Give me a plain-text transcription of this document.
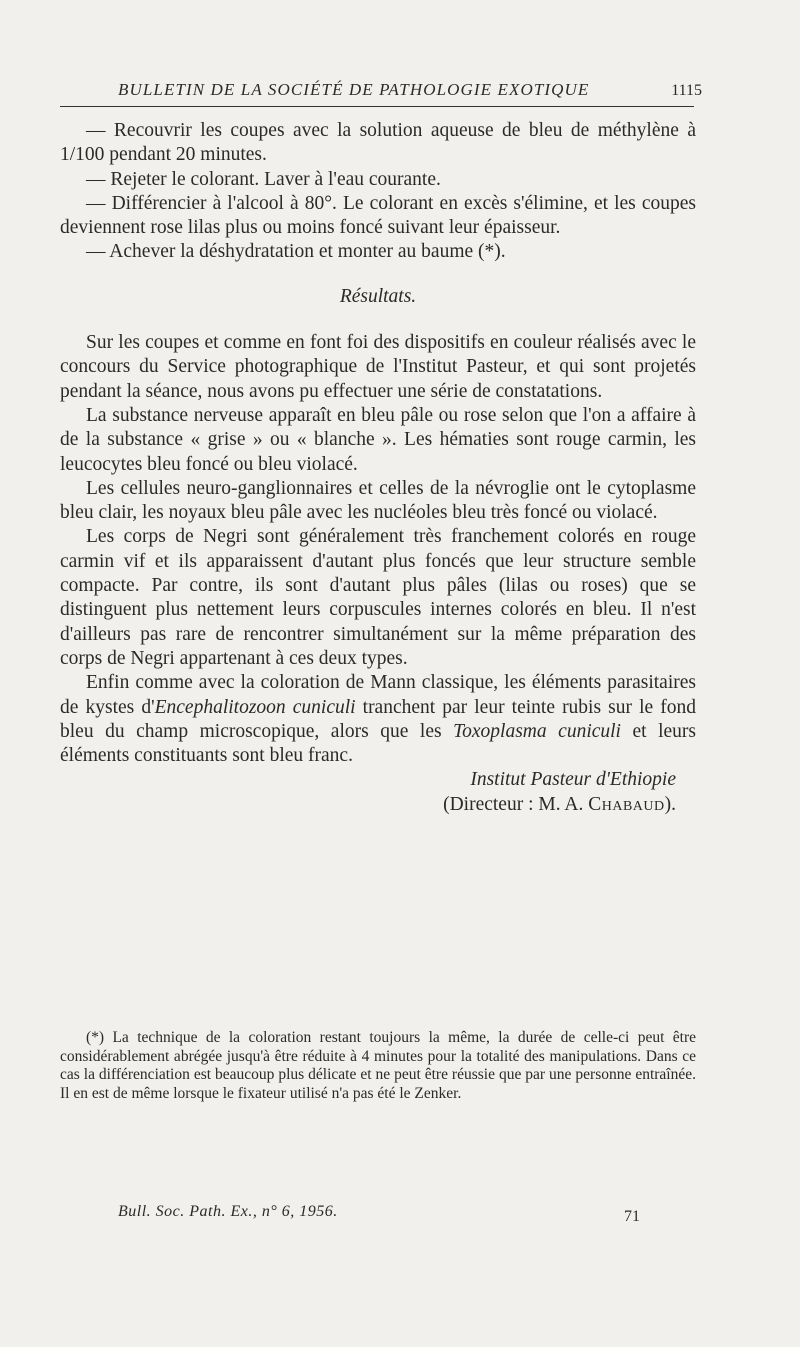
BULLETIN DE LA SOCIÉTÉ DE PATHOLOGIE EXOTIQUE	1115

— Recouvrir les coupes avec la solution aqueuse de bleu de méthylène à 1/100 pendant 20 minutes.

— Rejeter le colorant. Laver à l'eau courante.

— Différencier à l'alcool à 80°. Le colorant en excès s'élimine, et les coupes deviennent rose lilas plus ou moins foncé suivant leur épaisseur.

— Achever la déshydratation et monter au baume (*).

Résultats.

Sur les coupes et comme en font foi des dispositifs en couleur réalisés avec le concours du Service photographique de l'Institut Pasteur, et qui sont projetés pendant la séance, nous avons pu effectuer une série de constatations.

La substance nerveuse apparaît en bleu pâle ou rose selon que l'on a affaire à de la substance « grise » ou « blanche ». Les hématies sont rouge carmin, les leucocytes bleu foncé ou bleu violacé.

Les cellules neuro-ganglionnaires et celles de la névroglie ont le cytoplasme bleu clair, les noyaux bleu pâle avec les nucléoles bleu très foncé ou violacé.

Les corps de Negri sont généralement très franchement colorés en rouge carmin vif et ils apparaissent d'autant plus foncés que leur structure semble compacte. Par contre, ils sont d'autant plus pâles (lilas ou roses) que se distinguent plus nettement leurs corpuscules internes colorés en bleu. Il n'est d'ailleurs pas rare de rencontrer simultanément sur la même préparation des corps de Negri appartenant à ces deux types.

Enfin comme avec la coloration de Mann classique, les éléments parasitaires de kystes d'Encephalitozoon cuniculi tranchent par leur teinte rubis sur le fond bleu du champ microscopique, alors que les Toxoplasma cuniculi et leurs éléments constituants sont bleu franc.

Institut Pasteur d'Ethiopie

(Directeur : M. A. Chabaud).

(*) La technique de la coloration restant toujours la même, la durée de celle-ci peut être considérablement abrégée jusqu'à être réduite à 4 minutes pour la totalité des manipulations. Dans ce cas la différenciation est beaucoup plus délicate et ne peut être réussie que par une personne entraînée. Il en est de même lorsque le fixateur utilisé n'a pas été le Zenker.

Bull. Soc. Path. Ex., n° 6, 1956.	71
